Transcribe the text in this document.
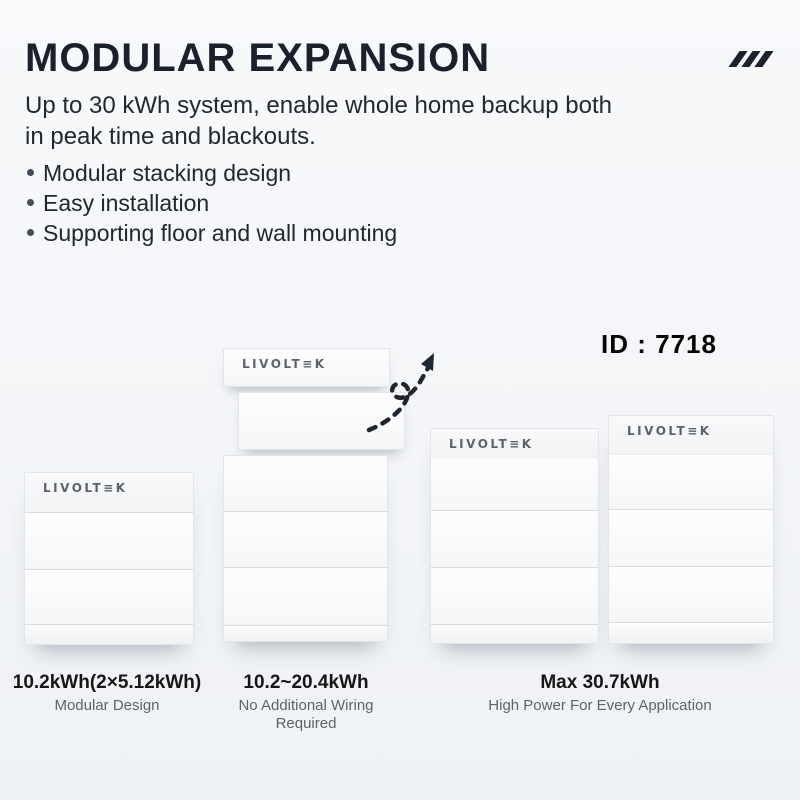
MODULAR EXPANSION

Up to 30 kWh system, enable whole home backup both
in peak time and blackouts.

Modular stacking design
Easy installation
Supporting floor and wall mounting
ID : 7718
LIVOLT≡K
LIVOLT≡K
LIVOLT≡K
LIVOLT≡K
10.2kWh(2×5.12kWh)
Modular Design
10.2~20.4kWh
No Additional Wiring Required
Max 30.7kWh
High Power For Every Application
